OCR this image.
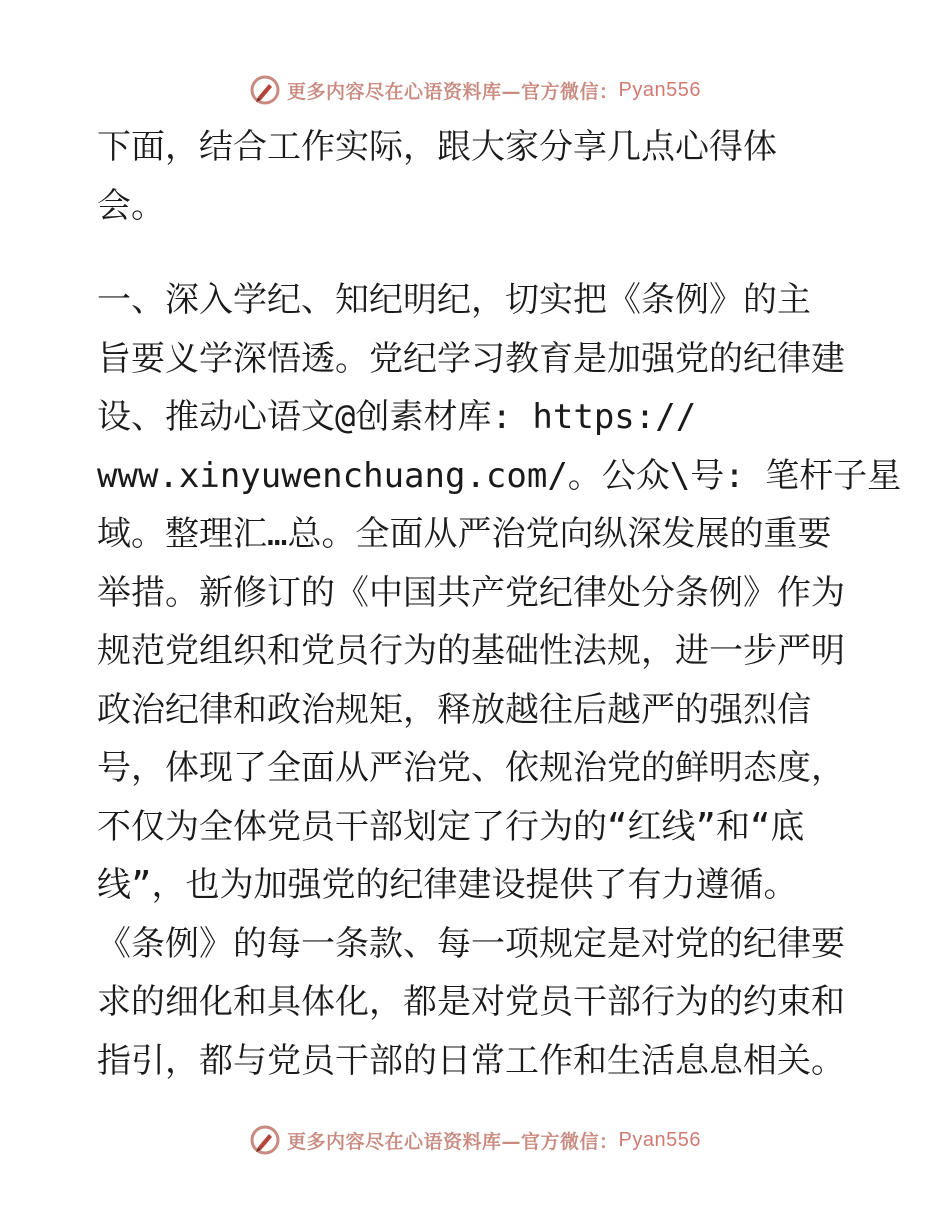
更多内容尽在心语资料库—官方微信： Pyan556

下面，结合工作实际，跟大家分享几点心得体
会。

一、深入学纪、知纪明纪，切实把《条例》的主
旨要义学深悟透。党纪学习教育是加强党的纪律建
设、推动心语文@创素材库: https://
www.xinyuwenchuang.com/。公众\号: 笔杆子星
域。整理汇…总。全面从严治党向纵深发展的重要
举措。新修订的《中国共产党纪律处分条例》作为
规范党组织和党员行为的基础性法规，进一步严明
政治纪律和政治规矩，释放越往后越严的强烈信
号，体现了全面从严治党、依规治党的鲜明态度，
不仅为全体党员干部划定了行为的“红线”和“底
线”，也为加强党的纪律建设提供了有力遵循。
《条例》的每一条款、每一项规定是对党的纪律要
求的细化和具体化，都是对党员干部行为的约束和
指引，都与党员干部的日常工作和生活息息相关。

更多内容尽在心语资料库—官方微信： Pyan556
